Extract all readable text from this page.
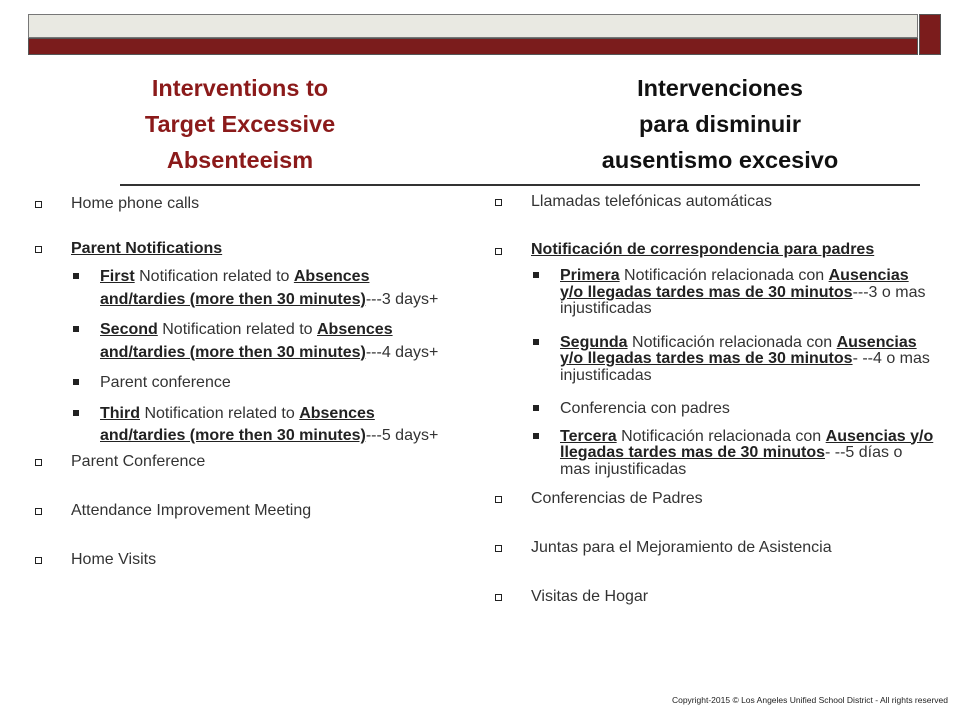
Interventions to
Target Excessive
Absenteeism
Intervenciones
para disminuir
ausentismo excesivo
Home phone calls
Parent Notifications
First Notification related to Absences and/tardies (more then 30 minutes)---3 days+
Second Notification related to Absences and/tardies (more then 30 minutes)---4 days+
Parent conference
Third Notification related to Absences and/tardies (more then 30 minutes)---5 days+
Parent Conference
Attendance Improvement Meeting
Home Visits
Llamadas telefónicas automáticas
Notificación de correspondencia para padres
Primera Notificación relacionada con Ausencias y/o llegadas tardes mas de 30 minutos---3 o mas injustificadas
Segunda Notificación relacionada con Ausencias y/o llegadas tardes mas de 30 minutos- --4 o mas injustificadas
Conferencia con padres
Tercera Notificación relacionada con Ausencias y/o llegadas tardes mas de 30 minutos- --5 días o mas injustificadas
Conferencias de Padres
Juntas para el Mejoramiento de Asistencia
Visitas de Hogar
Copyright-2015 © Los Angeles Unified School District - All rights reserved
